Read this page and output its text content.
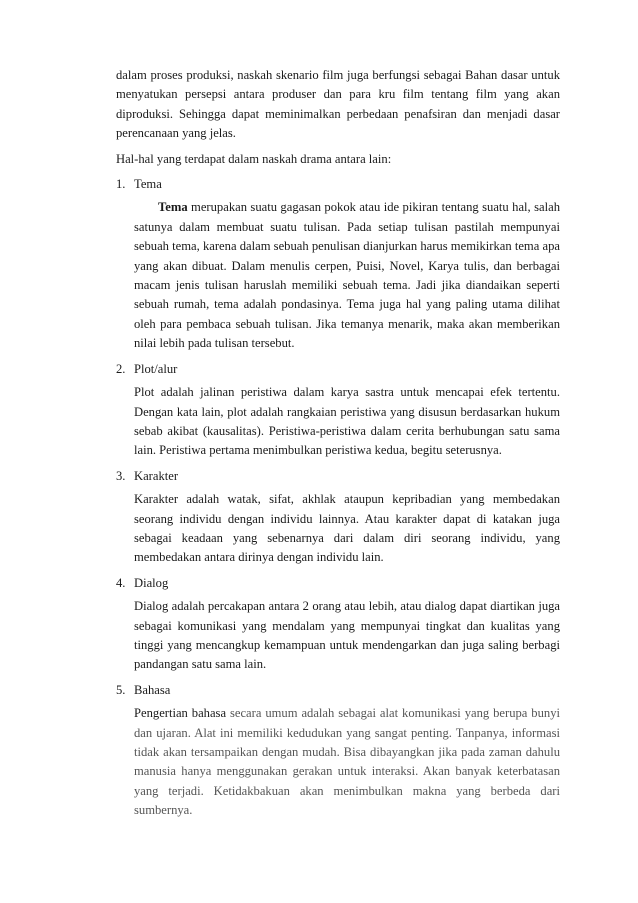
dalam proses produksi, naskah skenario film juga berfungsi sebagai Bahan dasar untuk menyatukan persepsi antara produser dan para kru film tentang film yang akan diproduksi. Sehingga dapat meminimalkan perbedaan penafsiran dan menjadi dasar perencanaan yang jelas.

Hal-hal yang terdapat dalam naskah drama antara lain:

1. Tema
Tema merupakan suatu gagasan pokok atau ide pikiran tentang suatu hal, salah satunya dalam membuat suatu tulisan. Pada setiap tulisan pastilah mempunyai sebuah tema, karena dalam sebuah penulisan dianjurkan harus memikirkan tema apa yang akan dibuat. Dalam menulis cerpen, Puisi, Novel, Karya tulis, dan berbagai macam jenis tulisan haruslah memiliki sebuah tema. Jadi jika diandaikan seperti sebuah rumah, tema adalah pondasinya. Tema juga hal yang paling utama dilihat oleh para pembaca sebuah tulisan. Jika temanya menarik, maka akan memberikan nilai lebih pada tulisan tersebut.
2. Plot/alur
Plot adalah jalinan peristiwa dalam karya sastra untuk mencapai efek tertentu. Dengan kata lain, plot adalah rangkaian peristiwa yang disusun berdasarkan hukum sebab akibat (kausalitas). Peristiwa-peristiwa dalam cerita berhubungan satu sama lain. Peristiwa pertama menimbulkan peristiwa kedua, begitu seterusnya.
3. Karakter
Karakter adalah watak, sifat, akhlak ataupun kepribadian yang membedakan seorang individu dengan individu lainnya. Atau karakter dapat di katakan juga sebagai keadaan yang sebenarnya dari dalam diri seorang individu, yang membedakan antara dirinya dengan individu lain.
4. Dialog
Dialog adalah percakapan antara 2 orang atau lebih, atau dialog dapat diartikan juga sebagai komunikasi yang mendalam yang mempunyai tingkat dan kualitas yang tinggi yang mencangkup kemampuan untuk mendengarkan dan juga saling berbagi pandangan satu sama lain.
5. Bahasa
Pengertian bahasa secara umum adalah sebagai alat komunikasi yang berupa bunyi dan ujaran. Alat ini memiliki kedudukan yang sangat penting. Tanpanya, informasi tidak akan tersampaikan dengan mudah. Bisa dibayangkan jika pada zaman dahulu manusia hanya menggunakan gerakan untuk interaksi. Akan banyak keterbatasan yang terjadi. Ketidakbakuan akan menimbulkan makna yang berbeda dari sumbernya.
